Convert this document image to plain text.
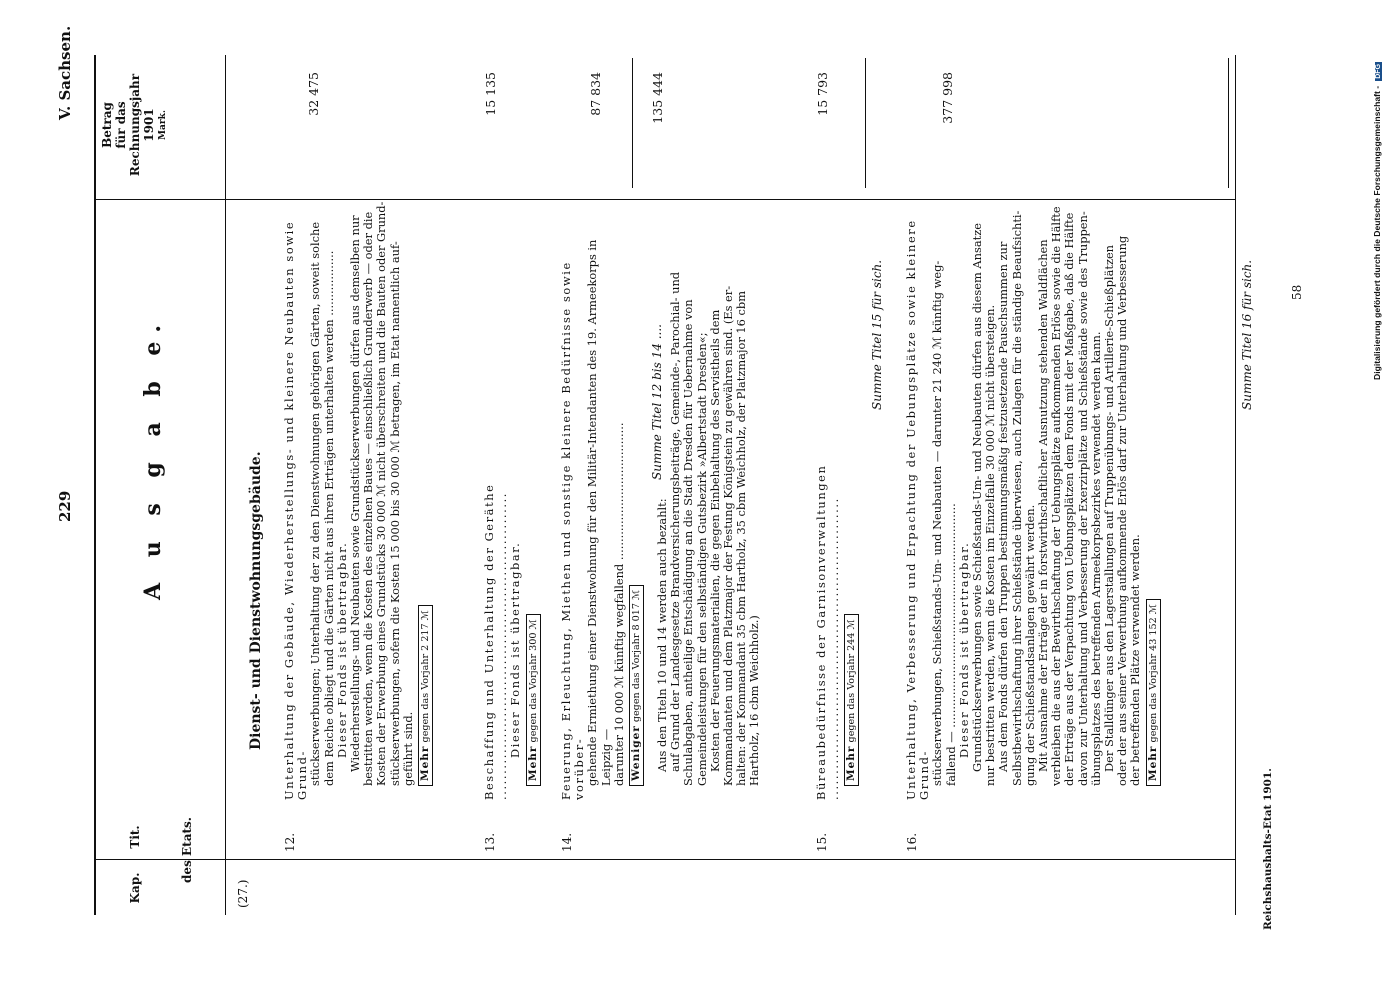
229
V. Sachsen.
Kap.
Tit.	des Etats.
A u s g a b e.
Betrag für das Rechnungsjahr 1901 Mark.
(27.)
Dienst- und Dienstwohnungsgebäude.
12.

Unterhaltung der Gebäude, Wiederherstellungs- und kleinere Neubauten sowie Grund- stückserwerbungen; Unterhaltung der zu den Dienstwohnungen gehörigen Gärten, soweit solche dem Reiche obliegt und die Gärten nicht aus ihren Erträgen unterhalten werden .................. Dieser Fonds ist übertragbar. Wiederherstellungs- und Neubauten sowie Grundstückserwerbungen dürfen aus demselben nur bestritten werden, wenn die Kosten des einzelnen Baues — einschließlich Grunderwerb — oder die Kosten der Erwerbung eines Grundstücks 30 000 ℳ nicht überschreiten und die Bauten oder Grund- stückserwerbungen, sofern die Kosten 15 000 bis 30 000 ℳ betragen, im Etat namentlich auf- geführt sind. Mehr gegen das Vorjahr 2 217 ℳ
32 475
13.

Beschaffung und Unterhaltung der Geräthe ........................................................... Dieser Fonds ist übertragbar.

Mehr gegen das Vorjahr 300 ℳ
15 135
14.

Feuerung, Erleuchtung, Miethen und sonstige kleinere Bedürfnisse sowie vorüber- gehende Ermiethung einer Dienstwohnung für den Militär-Intendanten des 19. Armeekorps in Leipzig — darunter 10 000 ℳ künftig wegfallend ...................................... Weniger gegen das Vorjahr 8 017 ℳ Aus den Titeln 10 und 14 werden auch bezahlt: auf Grund der Landesgesetze Brandversicherungsbeiträge, Gemeinde-, Parochial- und Schulabgaben, antheilige Entschädigung an die Stadt Dresden für Uebernahme von Gemeindeleistungen für den selbständigen Gutsbezirk »Albertstadt Dresden«; Kosten der Feuerungsmaterialien, die gegen Einbehaltung des Servistheils dem Kommandanten und dem Platzmajor der Festung Königstein zu gewähren sind. (Es er- halten: der Kommandant 35 cbm Hartholz, 35 cbm Weichholz, der Platzmajor 16 cbm Hartholz, 16 cbm Weichholz.)

87 834
Summe Titel 12 bis 14 ....
135 444
15.

Büreaubedürfnisse der Garnisonverwaltungen .......................................................... Mehr gegen das Vorjahr 244 ℳ
15 793
Summe Titel 15 für sich.
16.

Unterhaltung, Verbesserung und Erpachtung der Uebungsplätze sowie kleinere Grund- stückserwerbungen, Schießstands-Um- und Neubauten — darunter 21 240 ℳ künftig weg- fallend — .............................................................. Dieser Fonds ist übertragbar. Grundstückserwerbungen sowie Schießstands-Um- und Neubauten dürfen aus diesem Ansatze nur bestritten werden, wenn die Kosten im Einzelfalle 30 000 ℳ nicht übersteigen. Aus dem Fonds dürfen den Truppen bestimmungsmäßig festzusetzende Pauschsummen zur Selbstbewirthschaftung ihrer Schießstände überwiesen, auch Zulagen für die ständige Beaufsichti- gung der Schießstandsanlagen gewährt werden. Mit Ausnahme der Erträge der in forstwirthschaftlicher Ausnutzung stehenden Waldflächen verbleiben die aus der Bewirthschaftung der Uebungsplätze aufkommenden Erlöse sowie die Hälfte der Erträge aus der Verpachtung von Uebungsplätzen dem Fonds mit der Maßgabe, daß die Hälfte davon zur Unterhaltung und Verbesserung der Exerzirplätze und Schießstände sowie des Truppen- übungsplatzes des betreffenden Armeekorpsbezirkes verwendet werden kann. Der Stalldünger aus den Lagerstallungen auf Truppenübungs- und Artillerie-Schießplätzen oder der aus seiner Verwerthung aufkommende Erlös darf zur Unterhaltung und Verbesserung der betreffenden Plätze verwendet werden. Mehr gegen das Vorjahr 43 152 ℳ
377 998
Summe Titel 16 für sich.
Reichshaushalts-Etat 1901.
58	Digitalisierung gefördert durch die Deutsche Forschungsgemeinschaft - DFG
